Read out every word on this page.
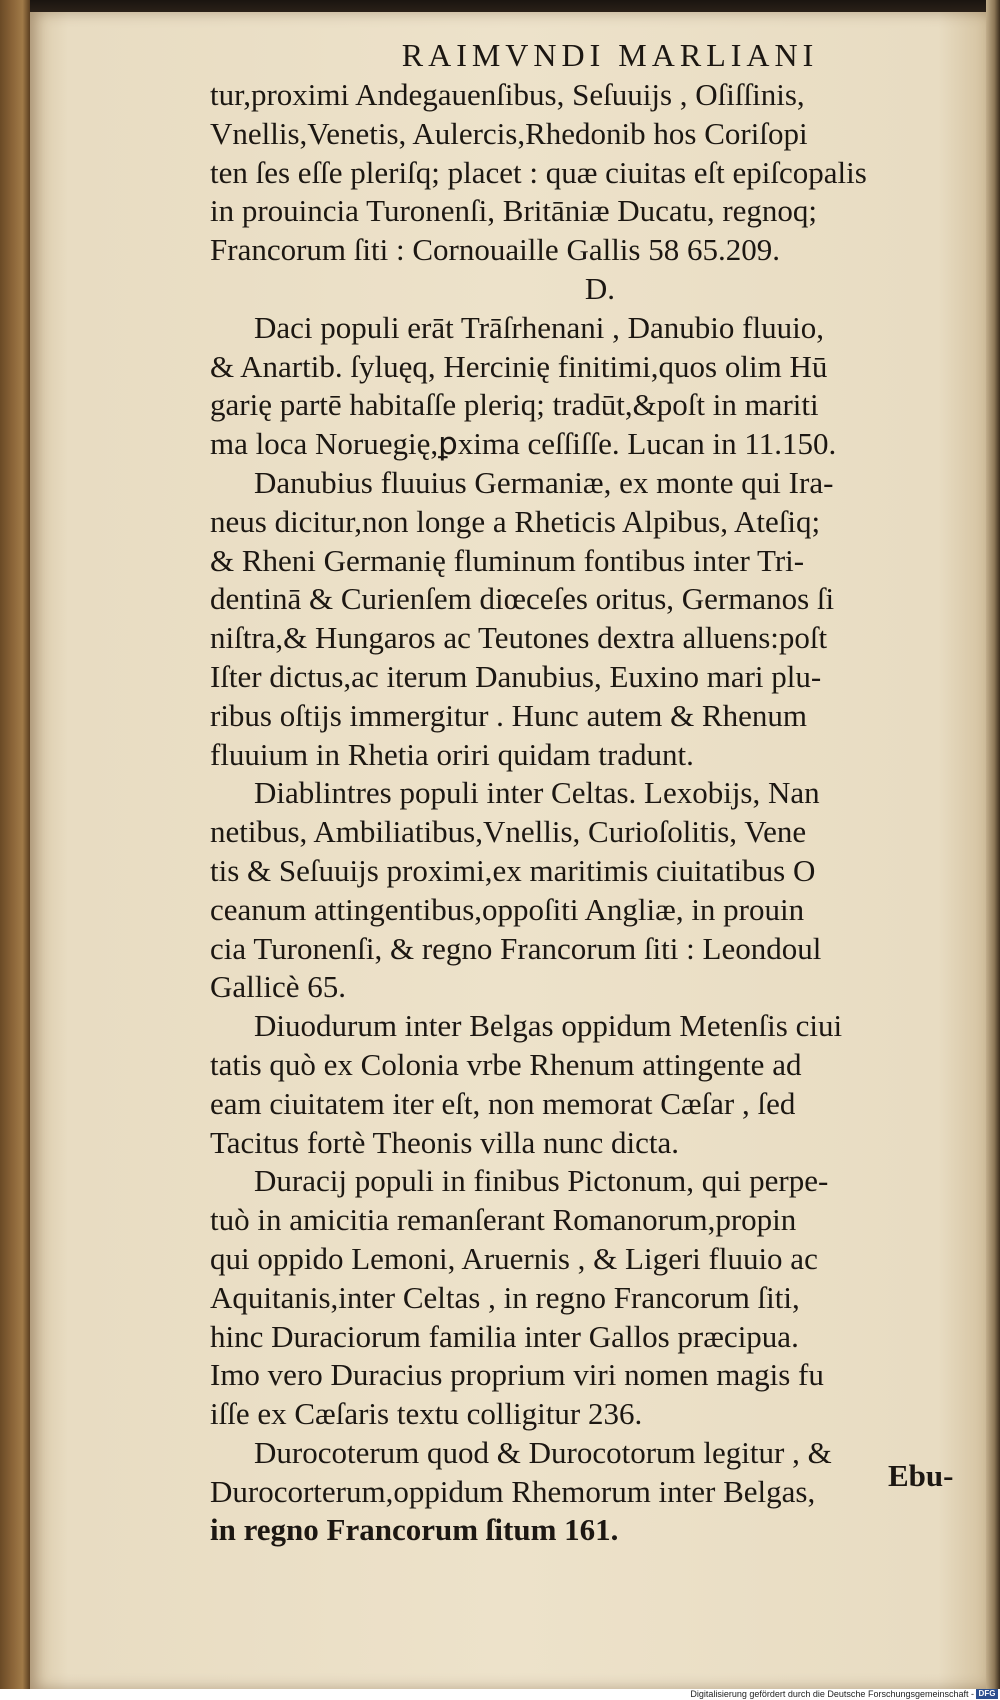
RAIMVNDI MARLIANI

tur,proximi Andegauenſibus, Seſuuijs , Oſiſſinis,

Vnellis,Venetis, Aulercis,Rhedonib hos Coriſopi

ten ſes eſſe pleriſq; placet : quæ ciuitas eſt epiſcopalis

in prouincia Turonenſi, Britāniæ Ducatu, regnoq;

Francorum ſiti : Cornouaille Gallis 58 65.209.

D.

Daci populi erāt Trāſrhenani , Danubio fluuio,

& Anartib. ſyluęq, Hercinię finitimi,quos olim Hū

garię partē habitaſſe pleriq; tradūt,&poſt in mariti

ma loca Noruegię,ꝑxima ceſſiſſe. Lucan in 11.150.

Danubius fluuius Germaniæ, ex monte qui Ira-

neus dicitur,non longe a Rheticis Alpibus, Ateſiq;

& Rheni Germanię fluminum fontibus inter Tri-

dentinā & Curienſem diœceſes oritus, Germanos ſi

niſtra,& Hungaros ac Teutones dextra alluens:poſt

Iſter dictus,ac iterum Danubius, Euxino mari plu-

ribus oſtijs immergitur . Hunc autem & Rhenum

fluuium in Rhetia oriri quidam tradunt.

Diablintres populi inter Celtas. Lexobijs, Nan

netibus, Ambiliatibus,Vnellis, Curioſolitis, Vene

tis & Seſuuijs proximi,ex maritimis ciuitatibus O

ceanum attingentibus,oppoſiti Angliæ, in prouin

cia Turonenſi, & regno Francorum ſiti : Leondoul

Gallicè 65.

Diuodurum inter Belgas oppidum Metenſis ciui

tatis quò ex Colonia vrbe Rhenum attingente ad

eam ciuitatem iter eſt, non memorat Cæſar , ſed

Tacitus fortè Theonis villa nunc dicta.

Duracij populi in finibus Pictonum, qui perpe-

tuò in amicitia remanſerant Romanorum,propin

qui oppido Lemoni, Aruernis , & Ligeri fluuio ac

Aquitanis,inter Celtas , in regno Francorum ſiti,

hinc Duraciorum familia inter Gallos præcipua.

Imo vero Duracius proprium viri nomen magis fu

iſſe ex Cæſaris textu colligitur 236.

Durocoterum quod & Durocotorum legitur , &

Durocorterum,oppidum Rhemorum inter Belgas,

in regno Francorum ſitum 161.

Ebu-
Digitalisierung gefördert durch die Deutsche Forschungsgemeinschaft - DFG
